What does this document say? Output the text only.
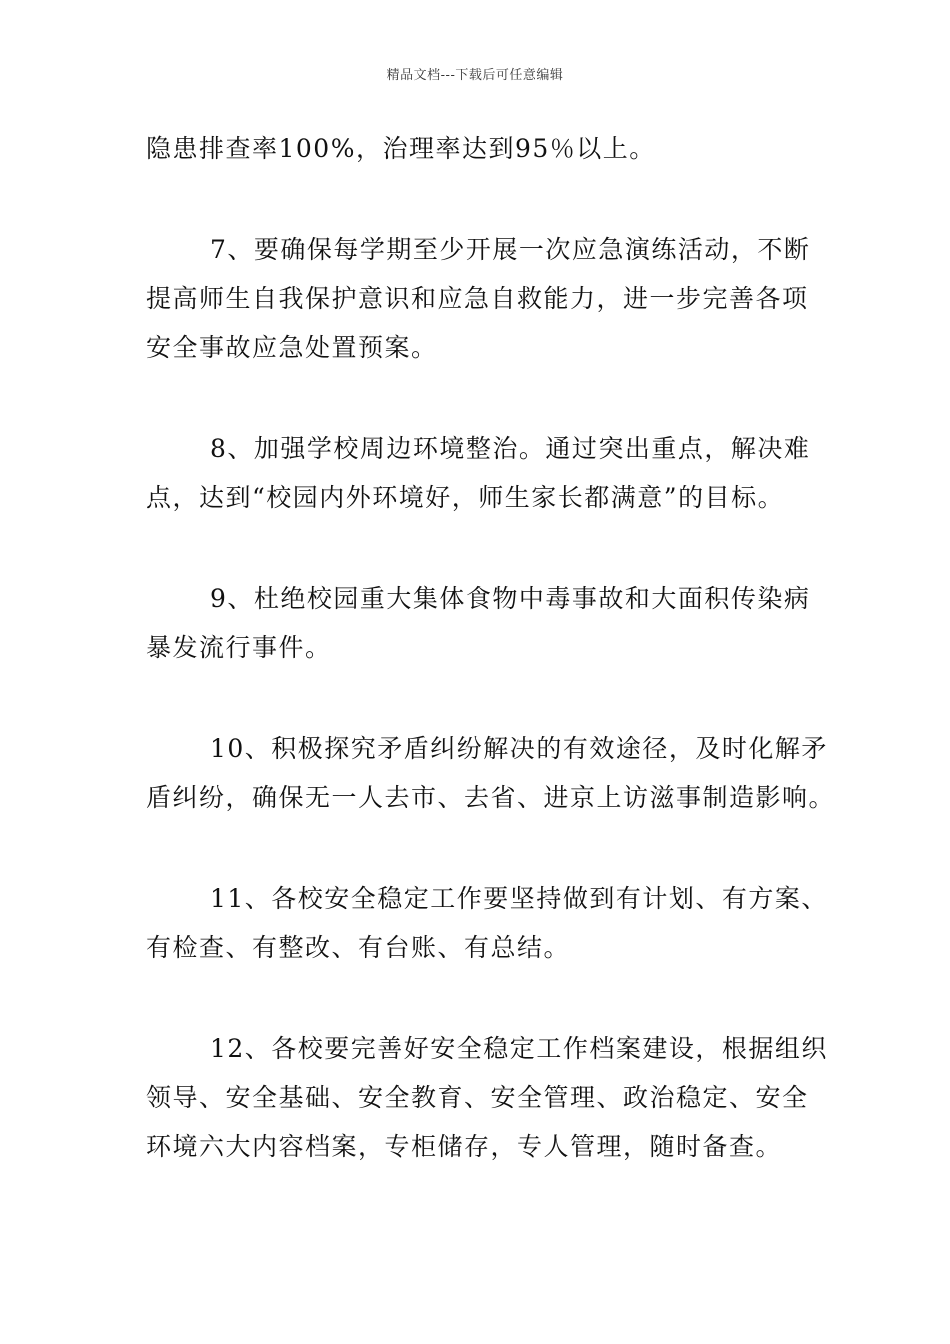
精品文档---下载后可任意编辑
隐患排查率100%，治理率达到95％以上。
7、要确保每学期至少开展一次应急演练活动，不断
提高师生自我保护意识和应急自救能力，进一步完善各项
安全事故应急处置预案。
8、加强学校周边环境整治。通过突出重点，解决难
点，达到“校园内外环境好，师生家长都满意”的目标。
9、杜绝校园重大集体食物中毒事故和大面积传染病
暴发流行事件。
10、积极探究矛盾纠纷解决的有效途径，及时化解矛
盾纠纷，确保无一人去市、去省、进京上访滋事制造影响。
11、各校安全稳定工作要坚持做到有计划、有方案、
有检查、有整改、有台账、有总结。
12、各校要完善好安全稳定工作档案建设，根据组织
领导、安全基础、安全教育、安全管理、政治稳定、安全
环境六大内容档案，专柜储存，专人管理，随时备查。
